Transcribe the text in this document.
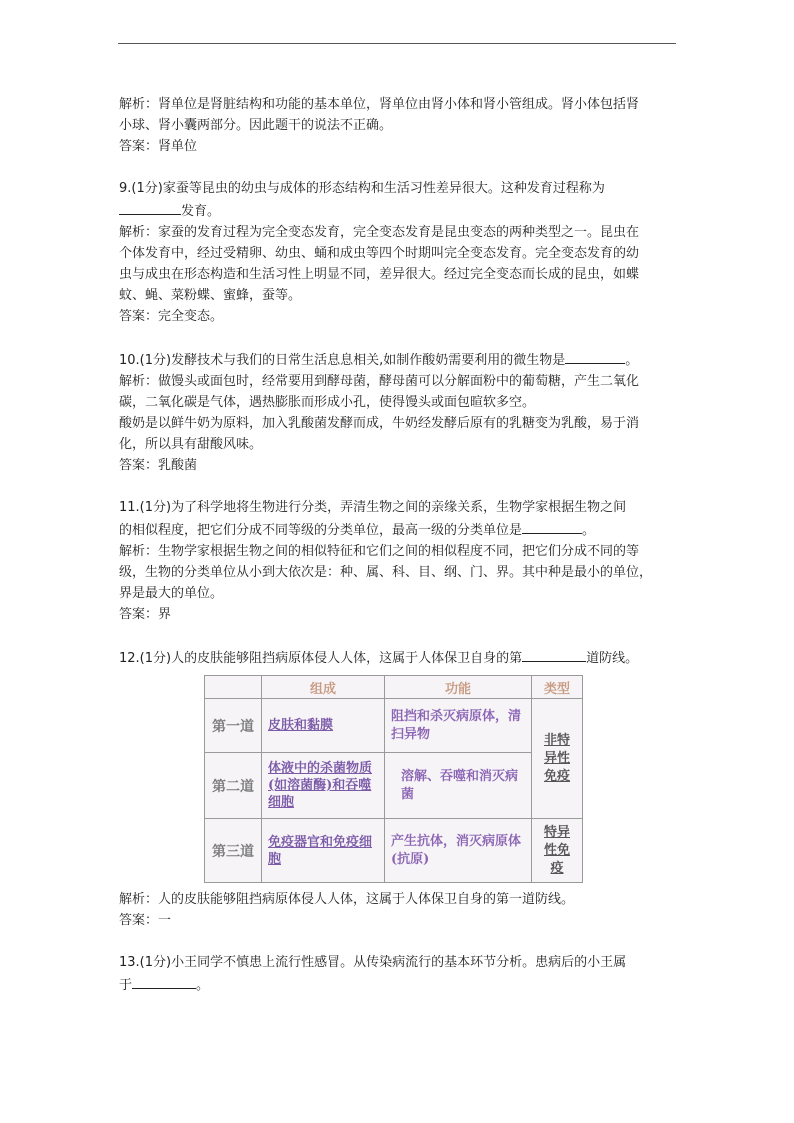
解析：肾单位是肾脏结构和功能的基本单位，肾单位由肾小体和肾小管组成。肾小体包括肾

小球、肾小囊两部分。因此题干的说法不正确。

答案：肾单位

9.(1分)家蚕等昆虫的幼虫与成体的形态结构和生活习性差异很大。这种发育过程称为

发育。

解析：家蚕的发育过程为完全变态发育，完全变态发育是昆虫变态的两种类型之一。昆虫在

个体发育中，经过受精卵、幼虫、蛹和成虫等四个时期叫完全变态发育。完全变态发育的幼

虫与成虫在形态构造和生活习性上明显不同，差异很大。经过完全变态而长成的昆虫，如蝶

蚊、蝇、菜粉蝶、蜜蜂，蚕等。

答案：完全变态。

10.(1分)发酵技术与我们的日常生活息息相关,如制作酸奶需要利用的微生物是	。

解析：做馒头或面包时，经常要用到酵母菌，酵母菌可以分解面粉中的葡萄糖，产生二氧化

碳，二氧化碳是气体，遇热膨胀而形成小孔，使得馒头或面包暄软多空。

酸奶是以鲜牛奶为原料，加入乳酸菌发酵而成，牛奶经发酵后原有的乳糖变为乳酸，易于消

化，所以具有甜酸风味。

答案：乳酸菌

11.(1分)为了科学地将生物进行分类，弄清生物之间的亲缘关系，生物学家根据生物之间

的相似程度，把它们分成不同等级的分类单位，最高一级的分类单位是	。

解析：生物学家根据生物之间的相似特征和它们之间的相似程度不同，把它们分成不同的等

级，生物的分类单位从小到大依次是：种、属、科、目、纲、门、界。其中种是最小的单位，

界是最大的单位。

答案：界

12.(1分)人的皮肤能够阻挡病原体侵人人体，这属于人体保卫自身的第	道防线。

	组成	功能	类型
第一道	皮肤和黏膜	阻挡和杀灭病原体，清扫异物	非特异性免疫
第二道	体液中的杀菌物质(如溶菌酶)和吞噬细胞	溶解、吞噬和消灭病菌	
第三道	免疫器官和免疫细胞	产生抗体，消灭病原体(抗原)	特异性免疫

解析：人的皮肤能够阻挡病原体侵人人体，这属于人体保卫自身的第一道防线。

答案：一

13.(1分)小王同学不慎患上流行性感冒。从传染病流行的基本环节分析。患病后的小王属

于	。
